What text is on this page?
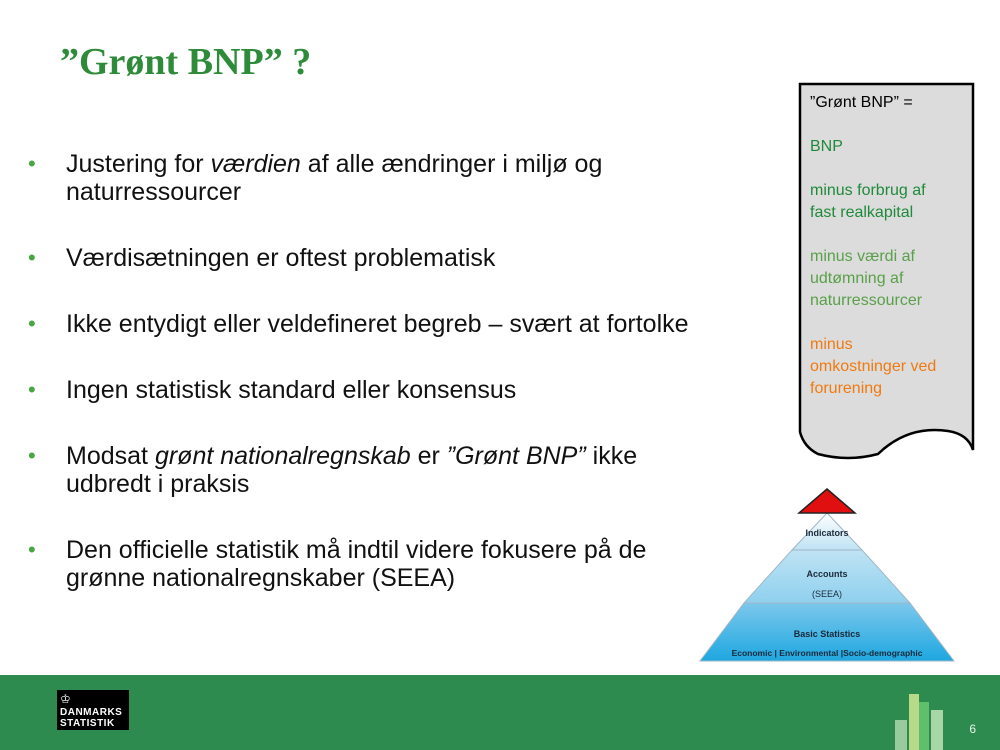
”Grønt BNP” ?
• Justering for værdien af alle ændringer i miljø og
naturressourcer
• Værdisætningen er oftest problematisk
• Ikke entydigt eller veldefineret begreb – svært at fortolke
• Ingen statistisk standard eller konsensus
• Modsat grønt nationalregnskab er ”Grønt BNP” ikke
udbredt i praksis
• Den officielle statistik må indtil videre fokusere på de
grønne nationalregnskaber (SEEA)
”Grønt BNP” =
BNP
minus forbrug af
fast realkapital
minus værdi af
udtømning af
naturressourcer
minus
omkostninger ved
forurening
Indicators
Accounts
(SEEA)
Basic Statistics
Economic | Environmental |Socio-demographic
♔
DANMARKS
STATISTIK	6
